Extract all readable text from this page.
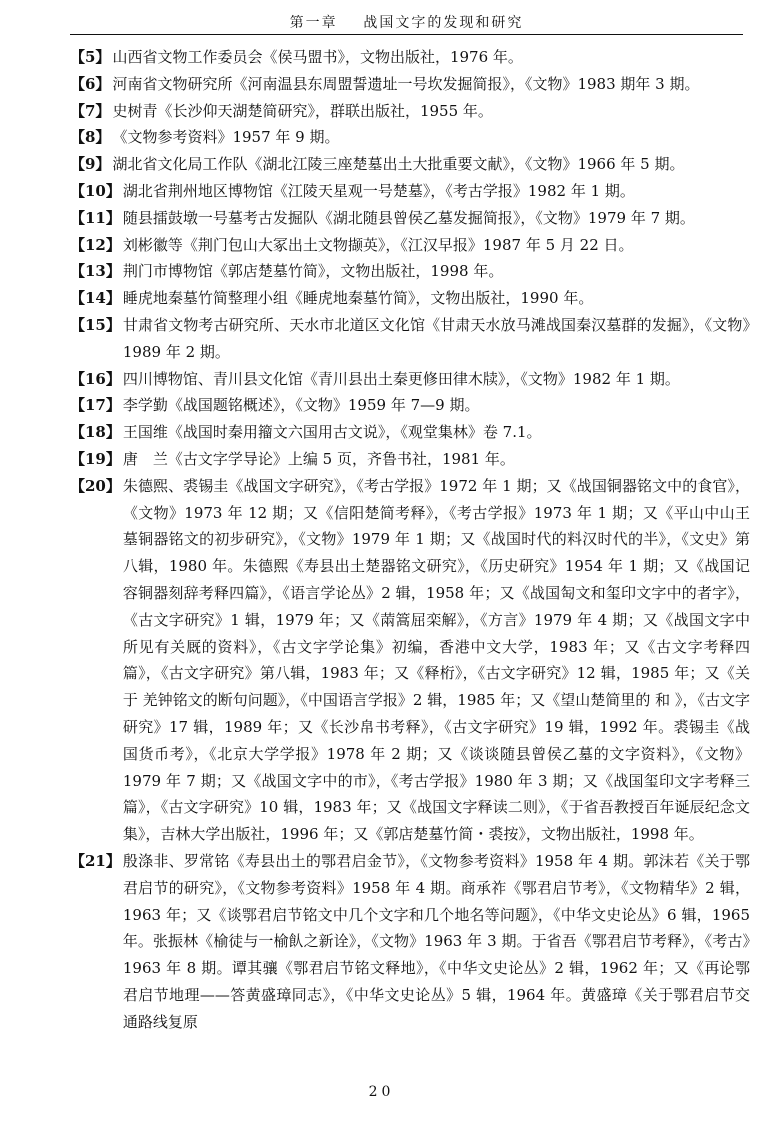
第一章    战国文字的发现和研究
【5】 山西省文物工作委员会《侯马盟书》，文物出版社，1976 年。
【6】 河南省文物研究所《河南温县东周盟誓遗址一号坎发掘简报》，《文物》1983 期年 3 期。
【7】 史树青《长沙仰天湖楚简研究》，群联出版社，1955 年。
【8】 《文物参考资料》1957 年 9 期。
【9】 湖北省文化局工作队《湖北江陵三座楚墓出土大批重要文献》，《文物》1966 年 5 期。
【10】 湖北省荆州地区博物馆《江陵天星观一号楚墓》，《考古学报》1982 年 1 期。
【11】 随县擂鼓墩一号墓考古发掘队《湖北随县曾侯乙墓发掘简报》，《文物》1979 年 7 期。
【12】 刘彬徽等《荆门包山大冢出土文物撷英》，《江汉早报》1987 年 5 月 22 日。
【13】 荆门市博物馆《郭店楚墓竹简》，文物出版社，1998 年。
【14】 睡虎地秦墓竹简整理小组《睡虎地秦墓竹简》，文物出版社，1990 年。
【15】 甘肃省文物考古研究所、天水市北道区文化馆《甘肃天水放马滩战国秦汉墓群的发掘》，《文物》1989 年 2 期。
【16】 四川博物馆、青川县文化馆《青川县出土秦更修田律木牍》，《文物》1982 年 1 期。
【17】 李学勤《战国题铭概述》，《文物》1959 年 7—9 期。
【18】 王国维《战国时秦用籀文六国用古文说》，《观堂集林》卷 7.1。
【19】 唐　兰《古文字学导论》上编 5 页，齐鲁书社，1981 年。
【20】 朱德熙、裘锡圭《战国文字研究》，《考古学报》1972 年 1 期；又《战国铜器铭文中的食官》，《文物》1973 年 12 期；又《信阳楚简考释》，《考古学报》1973 年 1 期；又《平山中山王墓铜器铭文的初步研究》，《文物》1979 年 1 期；又《战国时代的料汉时代的半》，《文史》第八辑，1980 年。朱德熙《寿县出土楚器铭文研究》，《历史研究》1954 年 1 期；又《战国记容铜器刻辞考释四篇》，《语言学论丛》2 辑，1958 年；又《战国匋文和玺印文字中的者字》，《古文字研究》1 辑，1979 年；又《䓣篙屈栾解》，《方言》1979 年 4 期；又《战国文字中所见有关厩的资料》，《古文字学论集》初编，香港中文大学，1983 年；又《古文字考释四篇》，《古文字研究》第八辑，1983 年；又《释桁》，《古文字研究》12 辑，1985 年；又《关于 羌钟铭文的断句问题》，《中国语言学报》2 辑，1985 年；又《望山楚简里的 和 》，《古文字研究》17 辑，1989 年；又《长沙帛书考释》，《古文字研究》19 辑，1992 年。裘锡圭《战国货币考》，《北京大学学报》1978 年 2 期；又《谈谈随县曾侯乙墓的文字资料》，《文物》1979 年 7 期；又《战国文字中的市》，《考古学报》1980 年 3 期；又《战国玺印文字考释三篇》，《古文字研究》10 辑，1983 年；又《战国文字释读二则》，《于省吾教授百年诞辰纪念文集》，吉林大学出版社，1996 年；又《郭店楚墓竹简・裘按》，文物出版社，1998 年。
【21】 殷涤非、罗常铭《寿县出土的鄂君启金节》，《文物参考资料》1958 年 4 期。郭沫若《关于鄂君启节的研究》，《文物参考资料》1958 年 4 期。商承祚《鄂君启节考》，《文物精华》2 辑，1963 年；又《谈鄂君启节铭文中几个文字和几个地名等问题》，《中华文史论丛》6 辑，1965 年。张振林《榆徒与一榆飤之新诠》，《文物》1963 年 3 期。于省吾《鄂君启节考释》，《考古》1963 年 8 期。谭其骧《鄂君启节铭文释地》，《中华文史论丛》2 辑，1962 年；又《再论鄂君启节地理——答黄盛璋同志》，《中华文史论丛》5 辑，1964 年。黄盛璋《关于鄂君启节交通路线复原
20
